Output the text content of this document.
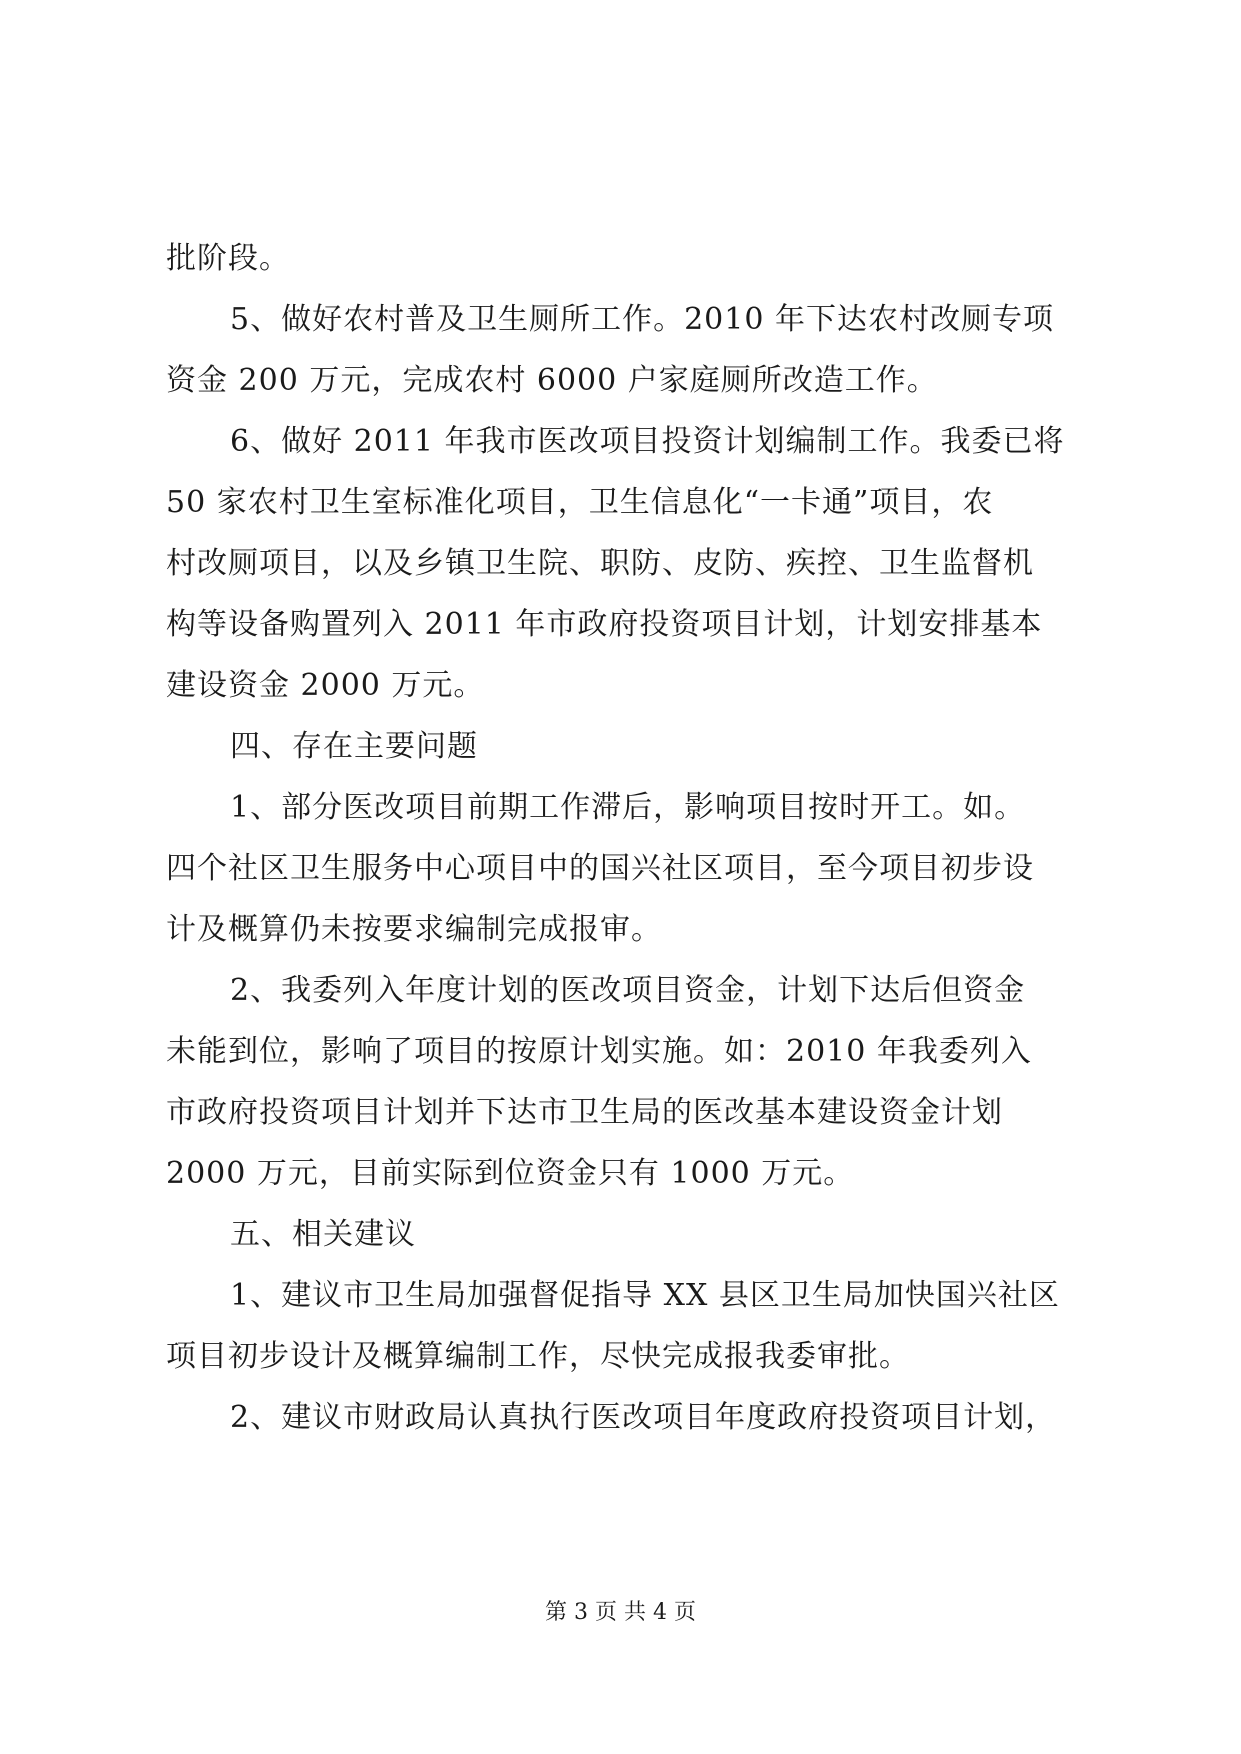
批阶段。
5、做好农村普及卫生厕所工作。2010 年下达农村改厕专项
资金 200 万元，完成农村 6000 户家庭厕所改造工作。
6、做好 2011 年我市医改项目投资计划编制工作。我委已将
50 家农村卫生室标准化项目，卫生信息化“一卡通”项目，农
村改厕项目，以及乡镇卫生院、职防、皮防、疾控、卫生监督机
构等设备购置列入 2011 年市政府投资项目计划，计划安排基本
建设资金 2000 万元。
四、存在主要问题
1、部分医改项目前期工作滞后，影响项目按时开工。如。
四个社区卫生服务中心项目中的国兴社区项目，至今项目初步设
计及概算仍未按要求编制完成报审。
2、我委列入年度计划的医改项目资金，计划下达后但资金
未能到位，影响了项目的按原计划实施。如：2010 年我委列入
市政府投资项目计划并下达市卫生局的医改基本建设资金计划
2000 万元，目前实际到位资金只有 1000 万元。
五、相关建议
1、建议市卫生局加强督促指导 XX 县区卫生局加快国兴社区
项目初步设计及概算编制工作，尽快完成报我委审批。
2、建议市财政局认真执行医改项目年度政府投资项目计划，
第 3 页 共 4 页
